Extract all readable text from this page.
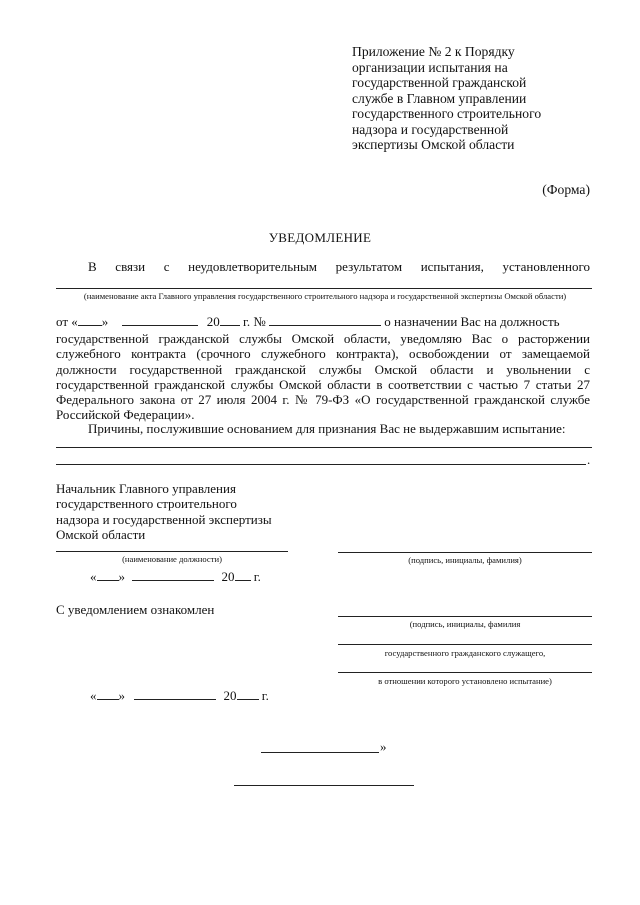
Приложение № 2 к Порядку
организации испытания на
государственной гражданской
службе в Главном управлении
государственного строительного
надзора и государственной
экспертизы Омской области
(Форма)
УВЕДОМЛЕНИЕ
В связи с неудовлетворительным результатом испытания, установленного
(наименование акта Главного управления государственного строительного надзора и государственной экспертизы Омской области)
от « »	20 г. №	о назначении Вас на должность
государственной гражданской службы Омской области, уведомляю Вас о расторжении
служебного контракта (срочного служебного контракта), освобождении от замещаемой
должности государственной гражданской службы Омской области и увольнении с
государственной гражданской службы Омской области в соответствии с частью 7 статьи 27
Федерального закона от 27 июля 2004 г. № 79-ФЗ «О государственной гражданской службе
Российской Федерации».
Причины, послужившие основанием для признания Вас не выдержавшим испытание:
.
Начальник Главного управления
государственного строительного
надзора и государственной экспертизы
Омской области
(наименование должности)	(подпись, инициалы, фамилия)
« »	20 г.
С уведомлением ознакомлен
(подпись, инициалы, фамилия
государственного гражданского служащего,
в отношении которого установлено испытание)
« »	20 г.
»
